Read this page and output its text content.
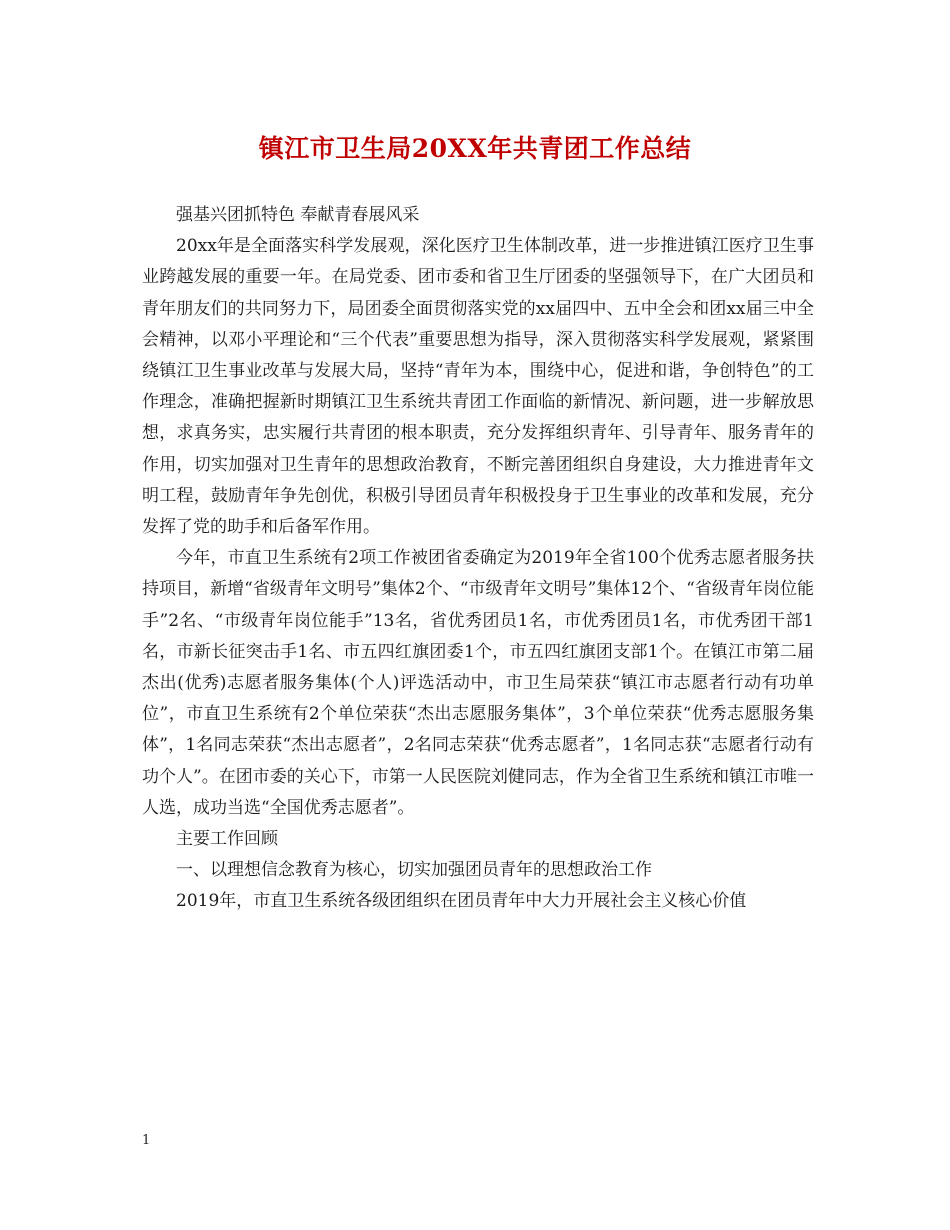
镇江市卫生局20XX年共青团工作总结

强基兴团抓特色 奉献青春展风采

20xx年是全面落实科学发展观，深化医疗卫生体制改革，进一步推进镇江医疗卫生事业跨越发展的重要一年。在局党委、团市委和省卫生厅团委的坚强领导下，在广大团员和青年朋友们的共同努力下，局团委全面贯彻落实党的xx届四中、五中全会和团xx届三中全会精神，以邓小平理论和“三个代表”重要思想为指导，深入贯彻落实科学发展观，紧紧围绕镇江卫生事业改革与发展大局，坚持“青年为本，围绕中心，促进和谐，争创特色”的工作理念，准确把握新时期镇江卫生系统共青团工作面临的新情况、新问题，进一步解放思想，求真务实，忠实履行共青团的根本职责，充分发挥组织青年、引导青年、服务青年的作用，切实加强对卫生青年的思想政治教育，不断完善团组织自身建设，大力推进青年文明工程，鼓励青年争先创优，积极引导团员青年积极投身于卫生事业的改革和发展，充分发挥了党的助手和后备军作用。

今年，市直卫生系统有2项工作被团省委确定为2019年全省100个优秀志愿者服务扶持项目，新增“省级青年文明号”集体2个、“市级青年文明号”集体12个、“省级青年岗位能手”2名、“市级青年岗位能手”13名，省优秀团员1名，市优秀团员1名，市优秀团干部1名，市新长征突击手1名、市五四红旗团委1个，市五四红旗团支部1个。在镇江市第二届杰出(优秀)志愿者服务集体(个人)评选活动中，市卫生局荣获“镇江市志愿者行动有功单位”，市直卫生系统有2个单位荣获“杰出志愿服务集体”，3个单位荣获“优秀志愿服务集体”，1名同志荣获“杰出志愿者”，2名同志荣获“优秀志愿者”，1名同志获“志愿者行动有功个人”。在团市委的关心下，市第一人民医院刘健同志，作为全省卫生系统和镇江市唯一人选，成功当选“全国优秀志愿者”。

主要工作回顾

一、以理想信念教育为核心，切实加强团员青年的思想政治工作

2019年，市直卫生系统各级团组织在团员青年中大力开展社会主义核心价值

1
